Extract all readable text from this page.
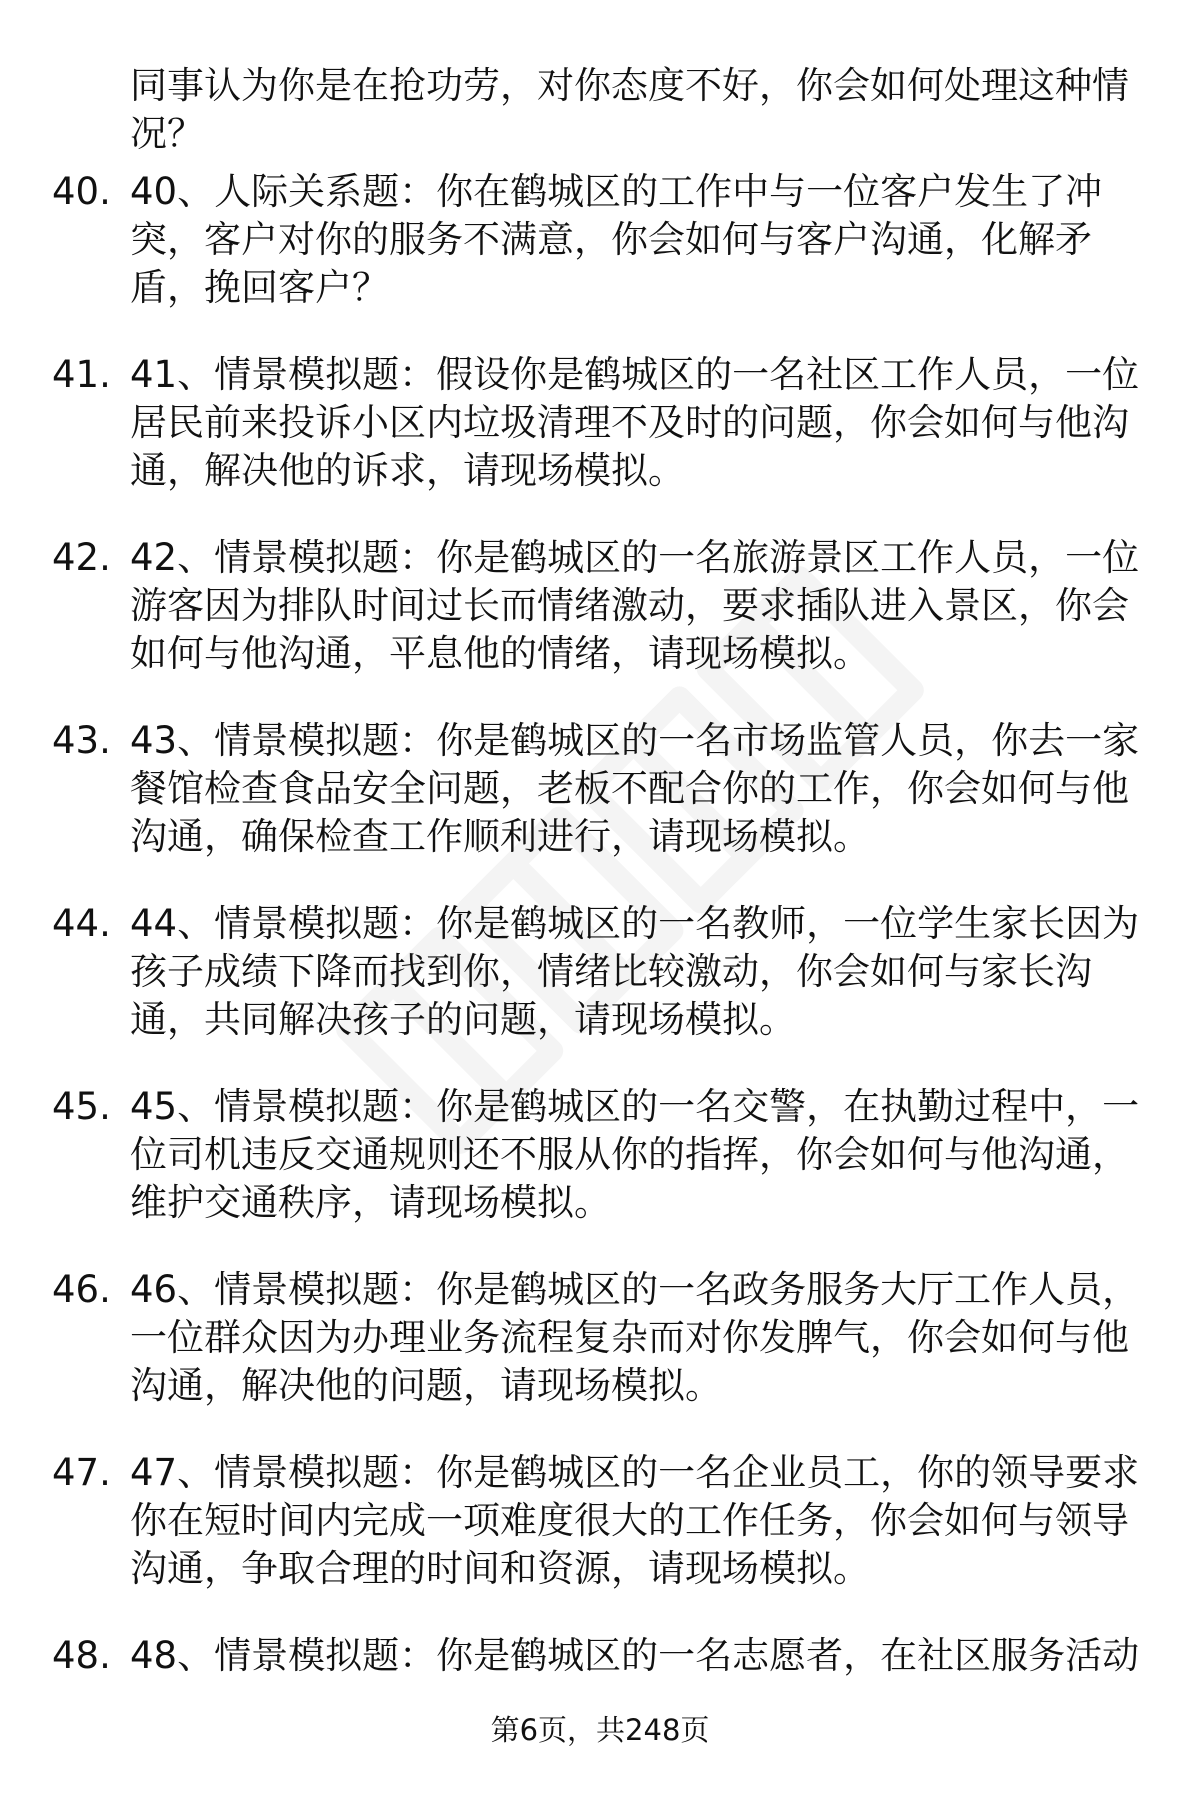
同事认为你是在抢功劳，对你态度不好，你会如何处理这种情况？

40. 40、人际关系题：你在鹤城区的工作中与一位客户发生了冲突，客户对你的服务不满意，你会如何与客户沟通，化解矛盾，挽回客户？

41. 41、情景模拟题：假设你是鹤城区的一名社区工作人员，一位居民前来投诉小区内垃圾清理不及时的问题，你会如何与他沟通，解决他的诉求，请现场模拟。

42. 42、情景模拟题：你是鹤城区的一名旅游景区工作人员，一位游客因为排队时间过长而情绪激动，要求插队进入景区，你会如何与他沟通，平息他的情绪，请现场模拟。

43. 43、情景模拟题：你是鹤城区的一名市场监管人员，你去一家餐馆检查食品安全问题，老板不配合你的工作，你会如何与他沟通，确保检查工作顺利进行，请现场模拟。

44. 44、情景模拟题：你是鹤城区的一名教师，一位学生家长因为孩子成绩下降而找到你，情绪比较激动，你会如何与家长沟通，共同解决孩子的问题，请现场模拟。

45. 45、情景模拟题：你是鹤城区的一名交警，在执勤过程中，一位司机违反交通规则还不服从你的指挥，你会如何与他沟通，维护交通秩序，请现场模拟。

46. 46、情景模拟题：你是鹤城区的一名政务服务大厅工作人员，一位群众因为办理业务流程复杂而对你发脾气，你会如何与他沟通，解决他的问题，请现场模拟。

47. 47、情景模拟题：你是鹤城区的一名企业员工，你的领导要求你在短时间内完成一项难度很大的工作任务，你会如何与领导沟通，争取合理的时间和资源，请现场模拟。

48. 48、情景模拟题：你是鹤城区的一名志愿者，在社区服务活动

第6页，共248页
